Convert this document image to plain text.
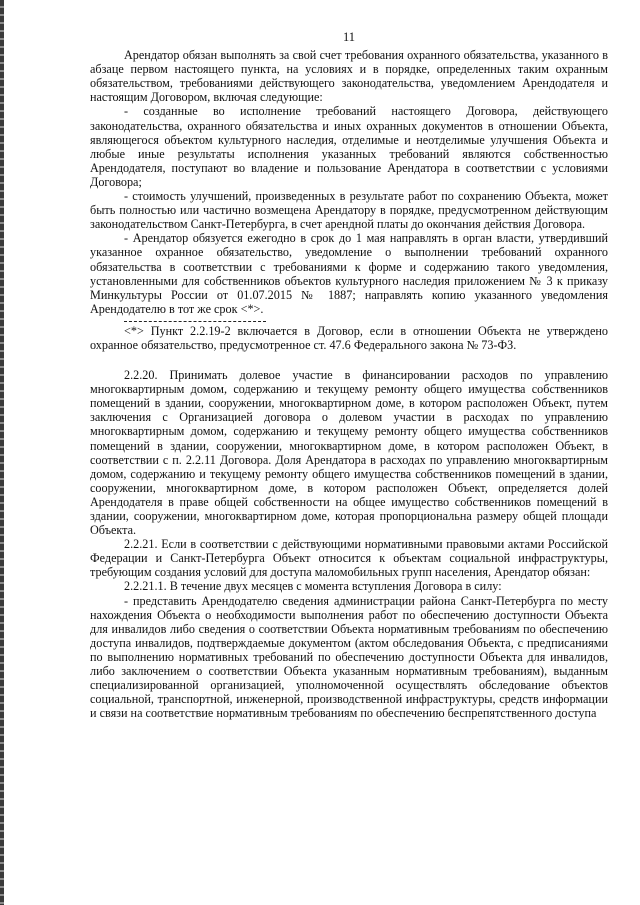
11

Арендатор обязан выполнять за свой счет требования охранного обязательства, указанного в абзаце первом настоящего пункта, на условиях и в порядке, определенных таким охранным обязательством, требованиями действующего законодательства, уведомлением Арендодателя и настоящим Договором, включая следующие:

- созданные во исполнение требований настоящего Договора, действующего законодательства, охранного обязательства и иных охранных документов в отношении Объекта, являющегося объектом культурного наследия, отделимые и неотделимые улучшения Объекта и любые иные результаты исполнения указанных требований являются собственностью Арендодателя, поступают во владение и пользование Арендатора в соответствии с условиями Договора;

- стоимость улучшений, произведенных в результате работ по сохранению Объекта, может быть полностью или частично возмещена Арендатору в порядке, предусмотренном действующим законодательством Санкт-Петербурга, в счет арендной платы до окончания действия Договора.

- Арендатор обязуется ежегодно в срок до 1 мая направлять в орган власти, утвердивший указанное охранное обязательство, уведомление о выполнении требований охранного обязательства в соответствии с требованиями к форме и содержанию такого уведомления, установленными для собственников объектов культурного наследия приложением № 3 к приказу Минкультуры России от 01.07.2015 № 1887; направлять копию указанного уведомления Арендодателю в тот же срок <*>.

<*> Пункт 2.2.19-2 включается в Договор, если в отношении Объекта не утверждено охранное обязательство, предусмотренное ст. 47.6 Федерального закона № 73-ФЗ.

2.2.20. Принимать долевое участие в финансировании расходов по управлению многоквартирным домом, содержанию и текущему ремонту общего имущества собственников помещений в здании, сооружении, многоквартирном доме, в котором расположен Объект, путем заключения с Организацией договора о долевом участии в расходах по управлению многоквартирным домом, содержанию и текущему ремонту общего имущества собственников помещений в здании, сооружении, многоквартирном доме, в котором расположен Объект, в соответствии с п. 2.2.11 Договора. Доля Арендатора в расходах по управлению многоквартирным домом, содержанию и текущему ремонту общего имущества собственников помещений в здании, сооружении, многоквартирном доме, в котором расположен Объект, определяется долей Арендодателя в праве общей собственности на общее имущество собственников помещений в здании, сооружении, многоквартирном доме, которая пропорциональна размеру общей площади Объекта.

2.2.21. Если в соответствии с действующими нормативными правовыми актами Российской Федерации и Санкт-Петербурга Объект относится к объектам социальной инфраструктуры, требующим создания условий для доступа маломобильных групп населения, Арендатор обязан:

2.2.21.1. В течение двух месяцев с момента вступления Договора в силу:

- представить Арендодателю сведения администрации района Санкт-Петербурга по месту нахождения Объекта о необходимости выполнения работ по обеспечению доступности Объекта для инвалидов либо сведения о соответствии Объекта нормативным требованиям по обеспечению доступа инвалидов, подтверждаемые документом (актом обследования Объекта, с предписаниями по выполнению нормативных требований по обеспечению доступности Объекта для инвалидов, либо заключением о соответствии Объекта указанным нормативным требованиям), выданным специализированной организацией, уполномоченной осуществлять обследование объектов социальной, транспортной, инженерной, производственной инфраструктуры, средств информации и связи на соответствие нормативным требованиям по обеспечению беспрепятственного доступа
